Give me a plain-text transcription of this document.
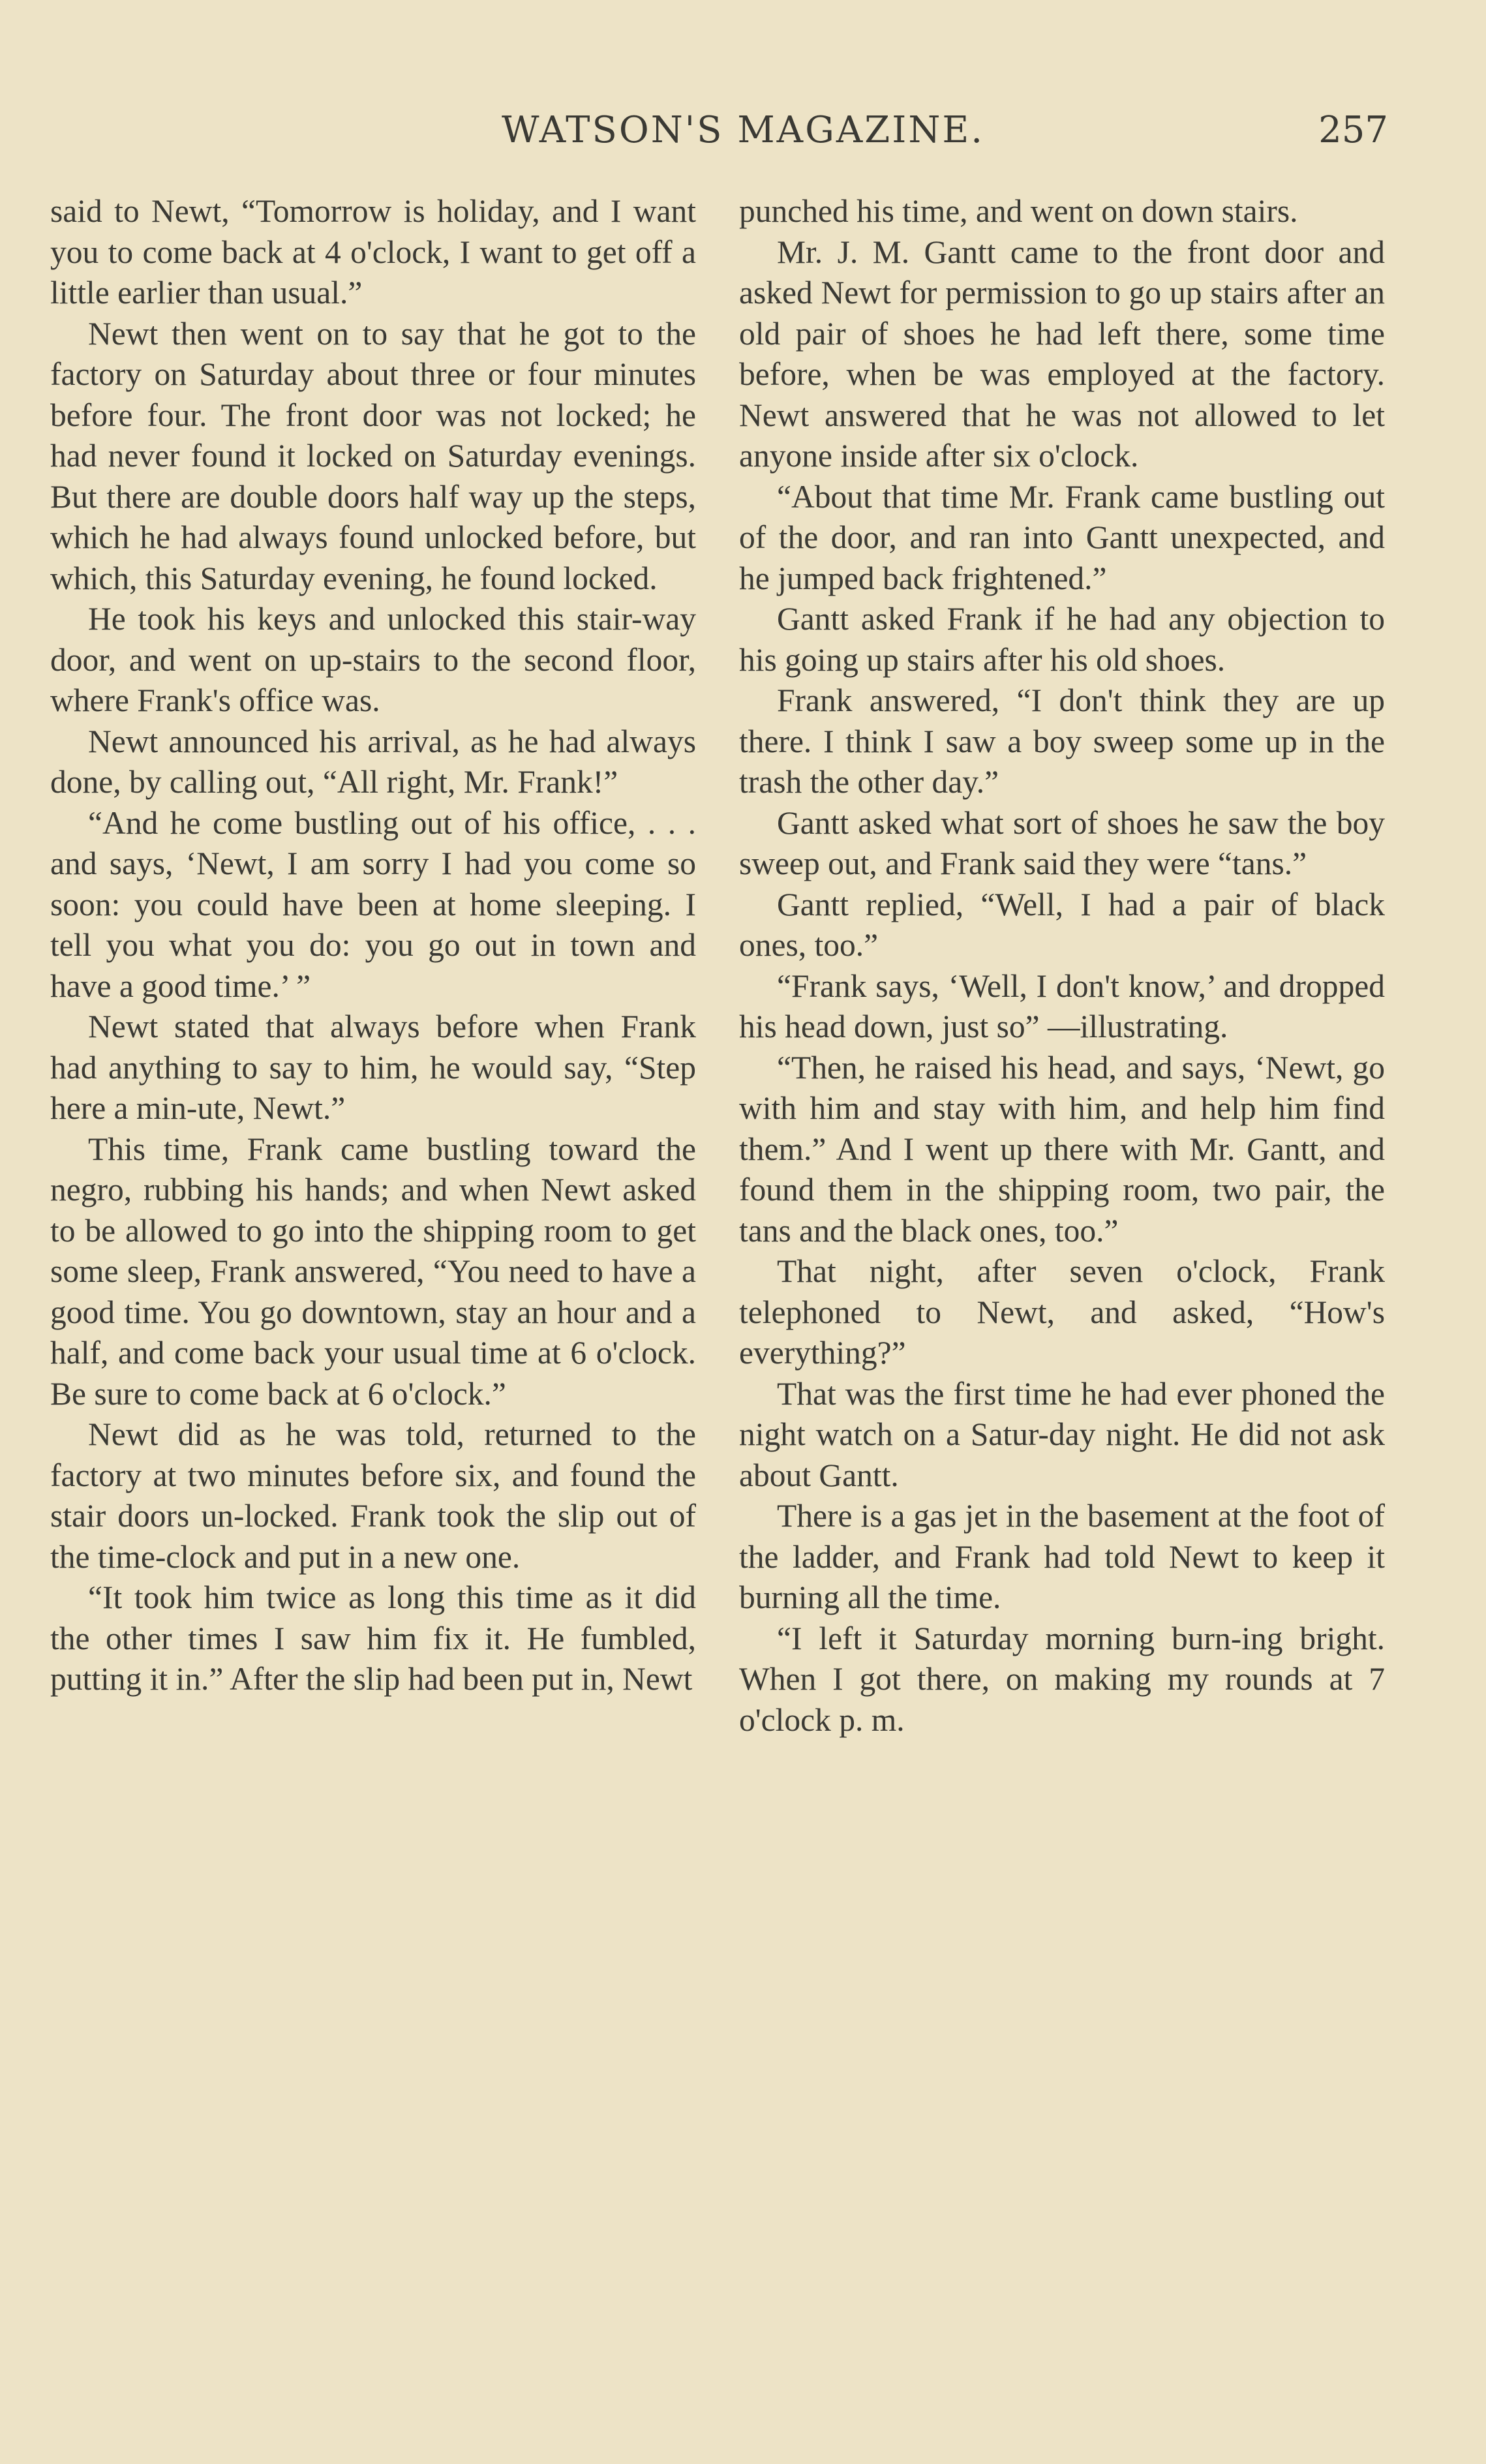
WATSON'S MAGAZINE.	257

said to Newt, “Tomorrow is holiday, and I want you to come back at 4 o'clock, I want to get off a little earlier than usual.”

Newt then went on to say that he got to the factory on Saturday about three or four minutes before four. The front door was not locked; he had never found it locked on Saturday evenings. But there are double doors half way up the steps, which he had always found unlocked before, but which, this Saturday evening, he found locked.

He took his keys and unlocked this stair-way door, and went on up-stairs to the second floor, where Frank's office was.

Newt announced his arrival, as he had always done, by calling out, “All right, Mr. Frank!”

“And he come bustling out of his office, . . . and says, ‘Newt, I am sorry I had you come so soon: you could have been at home sleeping. I tell you what you do: you go out in town and have a good time.’ ”

Newt stated that always before when Frank had anything to say to him, he would say, “Step here a min-ute, Newt.”

This time, Frank came bustling toward the negro, rubbing his hands; and when Newt asked to be allowed to go into the shipping room to get some sleep, Frank answered, “You need to have a good time. You go downtown, stay an hour and a half, and come back your usual time at 6 o'clock. Be sure to come back at 6 o'clock.”

Newt did as he was told, returned to the factory at two minutes before six, and found the stair doors un-locked. Frank took the slip out of the time-clock and put in a new one.

“It took him twice as long this time as it did the other times I saw him fix it. He fumbled, putting it in.” After the slip had been put in, Newt

punched his time, and went on down stairs.

Mr. J. M. Gantt came to the front door and asked Newt for permission to go up stairs after an old pair of shoes he had left there, some time before, when be was employed at the factory. Newt answered that he was not allowed to let anyone inside after six o'clock.

“About that time Mr. Frank came bustling out of the door, and ran into Gantt unexpected, and he jumped back frightened.”

Gantt asked Frank if he had any objection to his going up stairs after his old shoes.

Frank answered, “I don't think they are up there. I think I saw a boy sweep some up in the trash the other day.”

Gantt asked what sort of shoes he saw the boy sweep out, and Frank said they were “tans.”

Gantt replied, “Well, I had a pair of black ones, too.”

“Frank says, ‘Well, I don't know,’ and dropped his head down, just so” —illustrating.

“Then, he raised his head, and says, ‘Newt, go with him and stay with him, and help him find them.” And I went up there with Mr. Gantt, and found them in the shipping room, two pair, the tans and the black ones, too.”

That night, after seven o'clock, Frank telephoned to Newt, and asked, “How's everything?”

That was the first time he had ever phoned the night watch on a Satur-day night. He did not ask about Gantt.

There is a gas jet in the basement at the foot of the ladder, and Frank had told Newt to keep it burning all the time.

“I left it Saturday morning burn-ing bright. When I got there, on making my rounds at 7 o'clock p. m.
